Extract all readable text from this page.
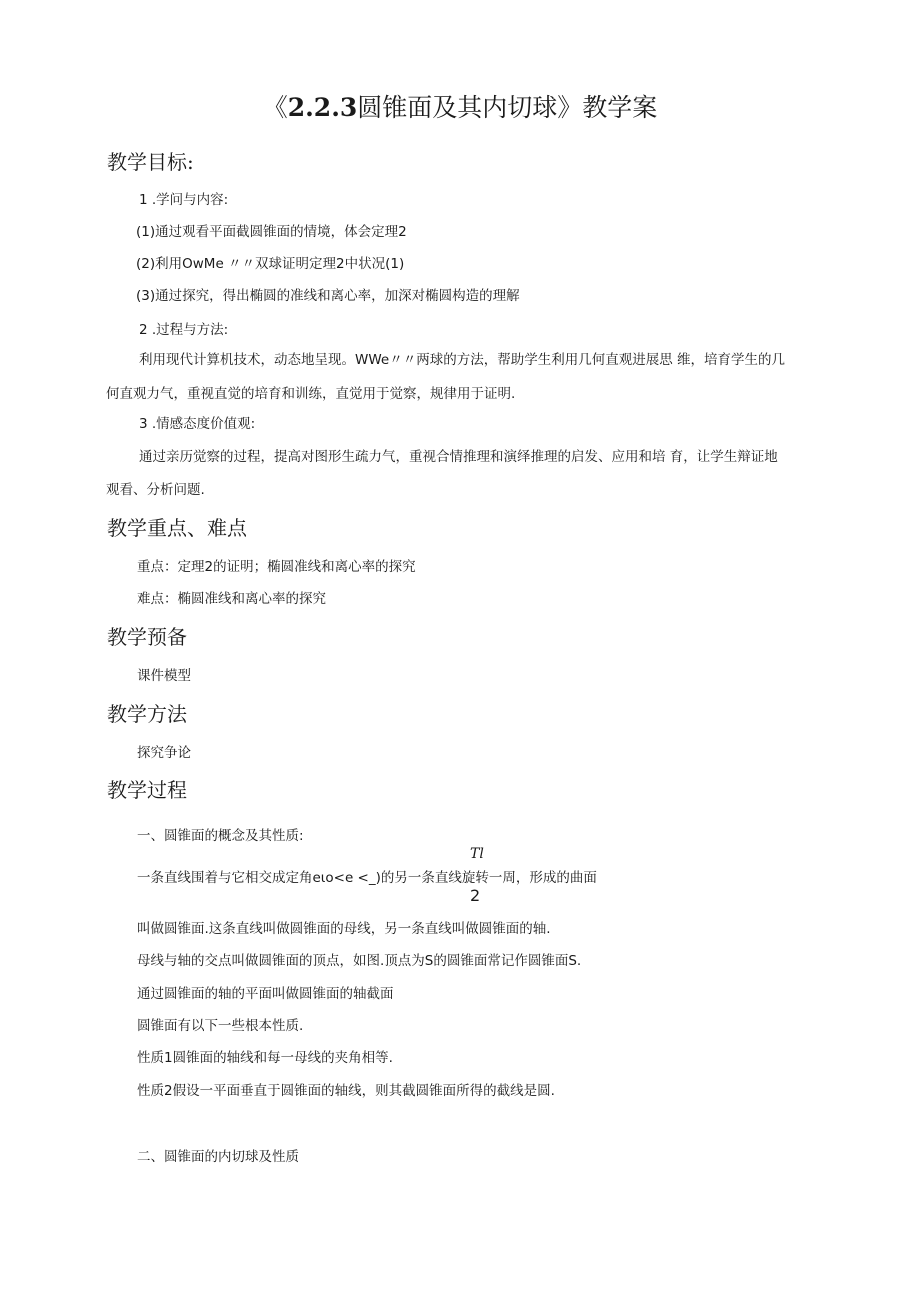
《2.2.3圆锥面及其内切球》教学案
教学目标:
1 .学问与内容:
(1)通过观看平面截圆锥面的情境，体会定理2
(2)利用OwMe 〃〃双球证明定理2中状况(1)
(3)通过探究，得出椭圆的准线和离心率，加深对椭圆构造的理解
2 .过程与方法:
利用现代计算机技术，动态地呈现。WWe〃〃两球的方法，帮助学生利用几何直观进展思 维，培育学生的几
何直观力气，重视直觉的培育和训练，直觉用于觉察，规律用于证明.
3 .情感态度价值观:
通过亲历觉察的过程，提高对图形生疏力气，重视合情推理和演绎推理的启发、应用和培 育，让学生辩证地
观看、分析问题.
教学重点、难点
重点：定理2的证明；椭圆准线和离心率的探究
难点：椭圆准线和离心率的探究
教学预备
课件模型
教学方法
探究争论
教学过程
一、圆锥面的概念及其性质:
Tl
一条直线围着与它相交成定角eιo<e <_)的另一条直线旋转一周，形成的曲面
2
叫做圆锥面.这条直线叫做圆锥面的母线，另一条直线叫做圆锥面的轴.
母线与轴的交点叫做圆锥面的顶点，如图.顶点为S的圆锥面常记作圆锥面S.
通过圆锥面的轴的平面叫做圆锥面的轴截面
圆锥面有以下一些根本性质.
性质1圆锥面的轴线和每一母线的夹角相等.
性质2假设一平面垂直于圆锥面的轴线，则其截圆锥面所得的截线是圆.
二、圆锥面的内切球及性质
